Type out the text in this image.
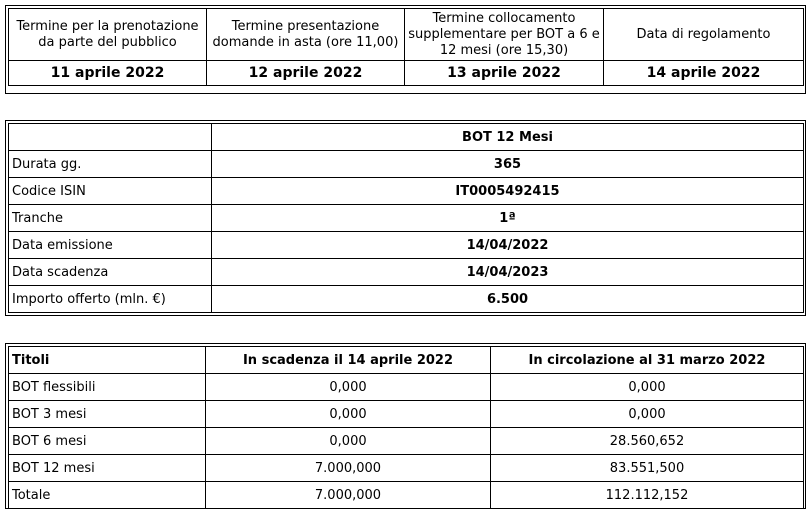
Termine per la prenotazione da parte del pubblico	Termine presentazione domande in asta (ore 11,00)	Termine collocamento supplementare per BOT a 6 e 12 mesi (ore 15,30)	Data di regolamento
11 aprile 2022	12 aprile 2022	13 aprile 2022	14 aprile 2022
	BOT 12 Mesi
Durata gg.	365
Codice ISIN	IT0005492415
Tranche	1ª
Data emissione	14/04/2022
Data scadenza	14/04/2023
Importo offerto (mln. €)	6.500
Titoli	In scadenza il 14 aprile 2022	In circolazione al 31 marzo 2022
BOT flessibili	0,000	0,000
BOT 3 mesi	0,000	0,000
BOT 6 mesi	0,000	28.560,652
BOT 12 mesi	7.000,000	83.551,500
Totale	7.000,000	112.112,152
